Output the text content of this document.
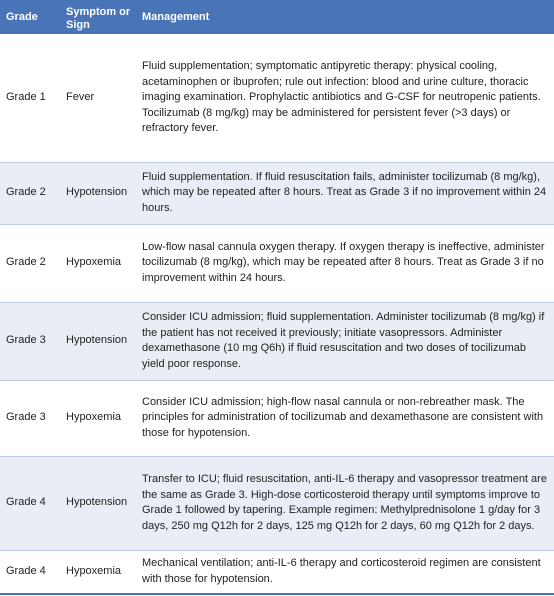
Grade	Symptom or Sign	Management
Grade 1	Fever	Fluid supplementation; symptomatic antipyretic therapy: physical cooling, acetaminophen or ibuprofen; rule out infection: blood and urine culture, thoracic imaging examination. Prophylactic antibiotics and G-CSF for neutropenic patients. Tocilizumab (8 mg/kg) may be administered for persistent fever (>3 days) or refractory fever.
Grade 2	Hypotension	Fluid supplementation. If fluid resuscitation fails, administer tocilizumab (8 mg/kg), which may be repeated after 8 hours. Treat as Grade 3 if no improvement within 24 hours.
Grade 2	Hypoxemia	Low-flow nasal cannula oxygen therapy. If oxygen therapy is ineffective, administer tocilizumab (8 mg/kg), which may be repeated after 8 hours. Treat as Grade 3 if no improvement within 24 hours.
Grade 3	Hypotension	Consider ICU admission; fluid supplementation. Administer tocilizumab (8 mg/kg) if the patient has not received it previously; initiate vasopressors. Administer dexamethasone (10 mg Q6h) if fluid resuscitation and two doses of tocilizumab yield poor response.
Grade 3	Hypoxemia	Consider ICU admission; high-flow nasal cannula or non-rebreather mask. The principles for administration of tocilizumab and dexamethasone are consistent with those for hypotension.
Grade 4	Hypotension	Transfer to ICU; fluid resuscitation, anti-IL-6 therapy and vasopressor treatment are the same as Grade 3. High-dose corticosteroid therapy until symptoms improve to Grade 1 followed by tapering. Example regimen: Methylprednisolone 1 g/day for 3 days, 250 mg Q12h for 2 days, 125 mg Q12h for 2 days, 60 mg Q12h for 2 days.
Grade 4	Hypoxemia	Mechanical ventilation; anti-IL-6 therapy and corticosteroid regimen are consistent with those for hypotension.
